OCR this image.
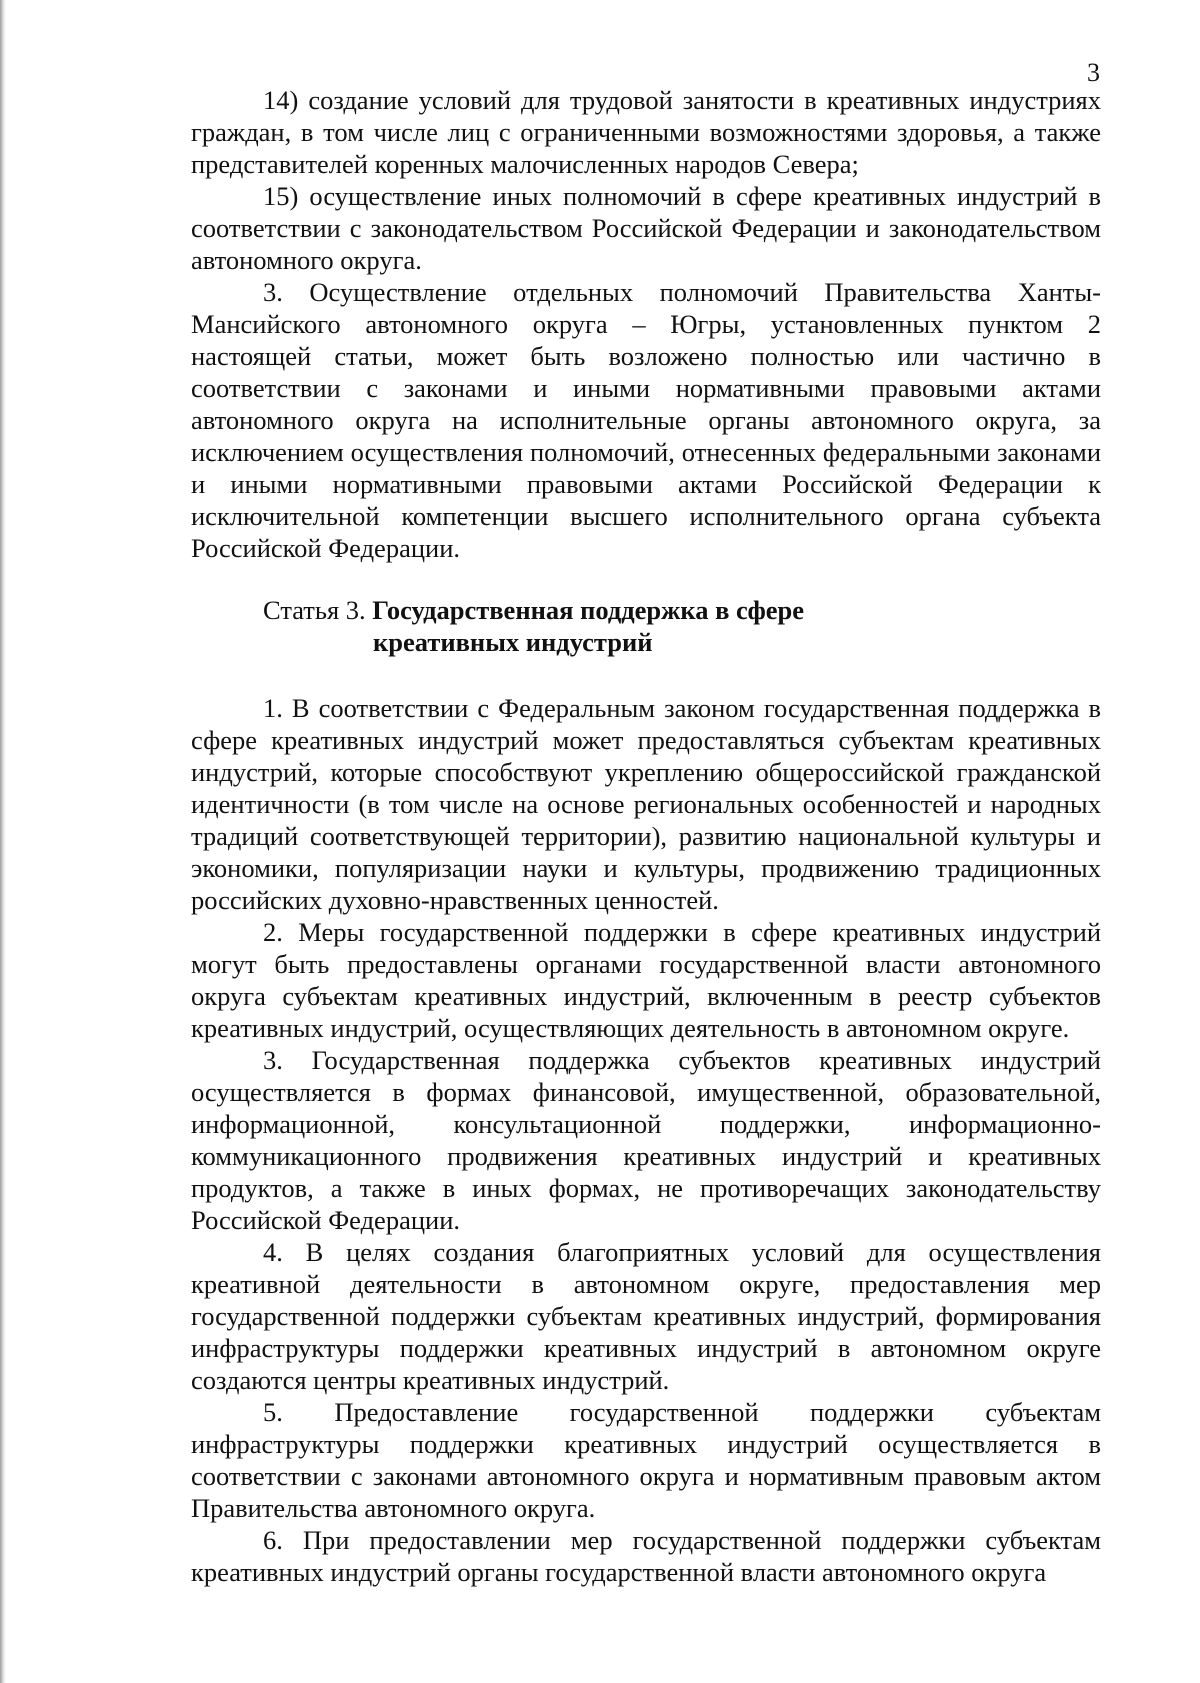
3

14) создание условий для трудовой занятости в креативных индустриях граждан, в том числе лиц с ограниченными возможностями здоровья, а также представителей коренных малочисленных народов Севера;

15) осуществление иных полномочий в сфере креативных индустрий в соответствии с законодательством Российской Федерации и законодательством автономного округа.

3. Осуществление отдельных полномочий Правительства Ханты-Мансийского автономного округа – Югры, установленных пунктом 2 настоящей статьи, может быть возложено полностью или частично в соответствии с законами и иными нормативными правовыми актами автономного округа на исполнительные органы автономного округа, за исключением осуществления полномочий, отнесенных федеральными законами и иными нормативными правовыми актами Российской Федерации к исключительной компетенции высшего исполнительного органа субъекта Российской Федерации.

Статья 3. Государственная поддержка в сфере
креативных индустрий

1. В соответствии с Федеральным законом государственная поддержка в сфере креативных индустрий может предоставляться субъектам креативных индустрий, которые способствуют укреплению общероссийской гражданской идентичности (в том числе на основе региональных особенностей и народных традиций соответствующей территории), развитию национальной культуры и экономики, популяризации науки и культуры, продвижению традиционных российских духовно-нравственных ценностей.

2. Меры государственной поддержки в сфере креативных индустрий могут быть предоставлены органами государственной власти автономного округа субъектам креативных индустрий, включенным в реестр субъектов креативных индустрий, осуществляющих деятельность в автономном округе.

3. Государственная поддержка субъектов креативных индустрий осуществляется в формах финансовой, имущественной, образовательной, информационной, консультационной поддержки, информационно-коммуникационного продвижения креативных индустрий и креативных продуктов, а также в иных формах, не противоречащих законодательству Российской Федерации.

4. В целях создания благоприятных условий для осуществления креативной деятельности в автономном округе, предоставления мер государственной поддержки субъектам креативных индустрий, формирования инфраструктуры поддержки креативных индустрий в автономном округе создаются центры креативных индустрий.

5. Предоставление государственной поддержки субъектам инфраструктуры поддержки креативных индустрий осуществляется в соответствии с законами автономного округа и нормативным правовым актом Правительства автономного округа.

6. При предоставлении мер государственной поддержки субъектам креативных индустрий органы государственной власти автономного округа
